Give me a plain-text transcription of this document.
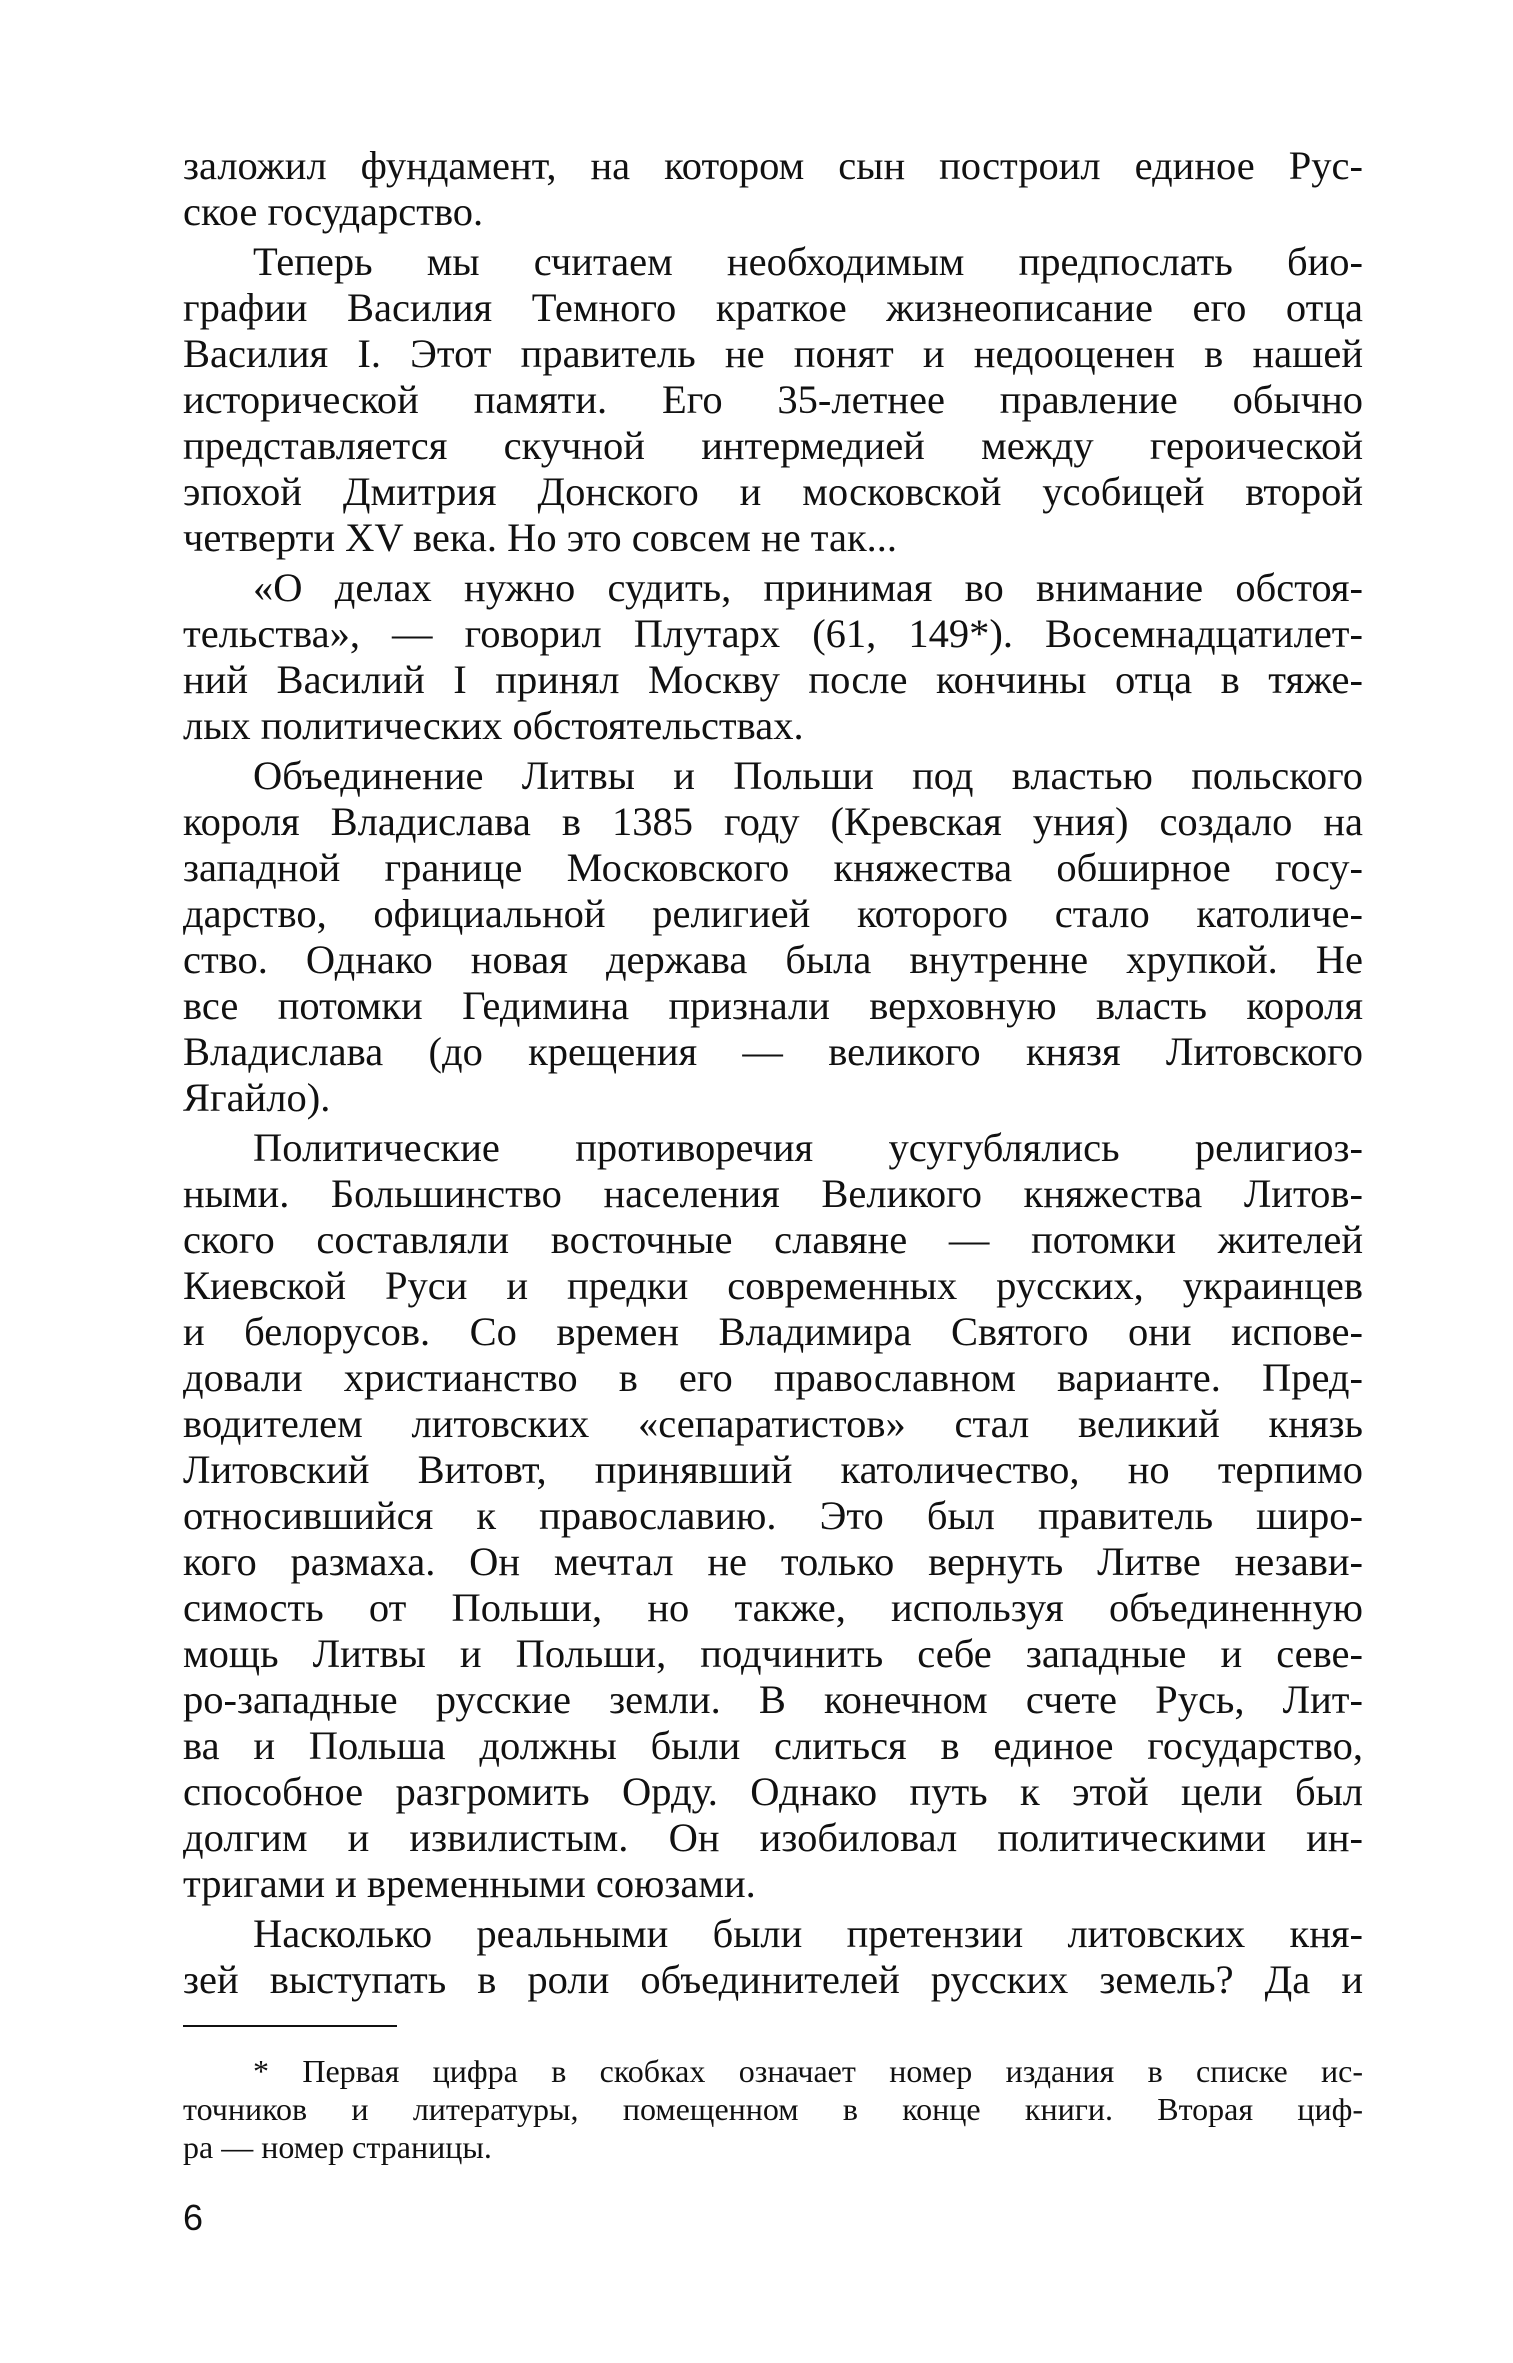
заложил фундамент, на котором сын построил единое Рус-
ское государство.
Теперь мы считаем необходимым предпослать био-
графии Василия Темного краткое жизнеописание его отца
Василия I. Этот правитель не понят и недооценен в нашей
исторической памяти. Его 35-летнее правление обычно
представляется скучной интермедией между героической
эпохой Дмитрия Донского и московской усобицей второй
четверти XV века. Но это совсем не так...
«О делах нужно судить, принимая во внимание обстоя-
тельства», — говорил Плутарх (61, 149*). Восемнадцатилет-
ний Василий I принял Москву после кончины отца в тяже-
лых политических обстоятельствах.
Объединение Литвы и Польши под властью польского
короля Владислава в 1385 году (Кревская уния) создало на
западной границе Московского княжества обширное госу-
дарство, официальной религией которого стало католиче-
ство. Однако новая держава была внутренне хрупкой. Не
все потомки Гедимина признали верховную власть короля
Владислава (до крещения — великого князя Литовского
Ягайло).
Политические противоречия усугублялись религиоз-
ными. Большинство населения Великого княжества Литов-
ского составляли восточные славяне — потомки жителей
Киевской Руси и предки современных русских, украинцев
и белорусов. Со времен Владимира Святого они испове-
довали христианство в его православном варианте. Пред-
водителем литовских «сепаратистов» стал великий князь
Литовский Витовт, принявший католичество, но терпимо
относившийся к православию. Это был правитель широ-
кого размаха. Он мечтал не только вернуть Литве незави-
симость от Польши, но также, используя объединенную
мощь Литвы и Польши, подчинить себе западные и севе-
ро-западные русские земли. В конечном счете Русь, Лит-
ва и Польша должны были слиться в единое государство,
способное разгромить Орду. Однако путь к этой цели был
долгим и извилистым. Он изобиловал политическими ин-
тригами и временными союзами.
Насколько реальными были претензии литовских кня-
зей выступать в роли объединителей русских земель? Да и
* Первая цифра в скобках означает номер издания в списке ис-
точников и литературы, помещенном в конце книги. Вторая циф-
ра — номер страницы.
6
